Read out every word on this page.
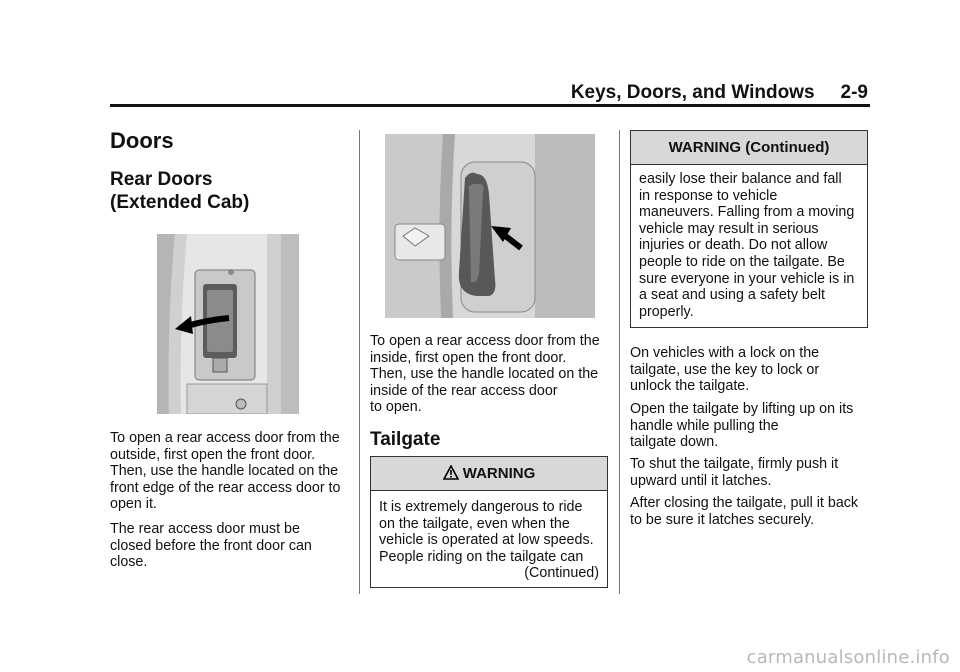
Keys, Doors, and Windows 2-9
Doors
Rear Doors
(Extended Cab)
To open a rear access door from the
outside, first open the front door.
Then, use the handle located on the
front edge of the rear access door to
open it.
The rear access door must be
closed before the front door can
close.
To open a rear access door from the
inside, first open the front door.
Then, use the handle located on the
inside of the rear access door
to open.
Tailgate
WARNING

It is extremely dangerous to ride

on the tailgate, even when the

vehicle is operated at low speeds.

People riding on the tailgate can

(Continued)

WARNING (Continued)

easily lose their balance and fall

in response to vehicle

maneuvers. Falling from a moving

vehicle may result in serious

injuries or death. Do not allow

people to ride on the tailgate. Be

sure everyone in your vehicle is in

a seat and using a safety belt

properly.

On vehicles with a lock on the
tailgate, use the key to lock or
unlock the tailgate.
Open the tailgate by lifting up on its
handle while pulling the
tailgate down.
To shut the tailgate, firmly push it
upward until it latches.
After closing the tailgate, pull it back
to be sure it latches securely.
carmanualsonline.info
